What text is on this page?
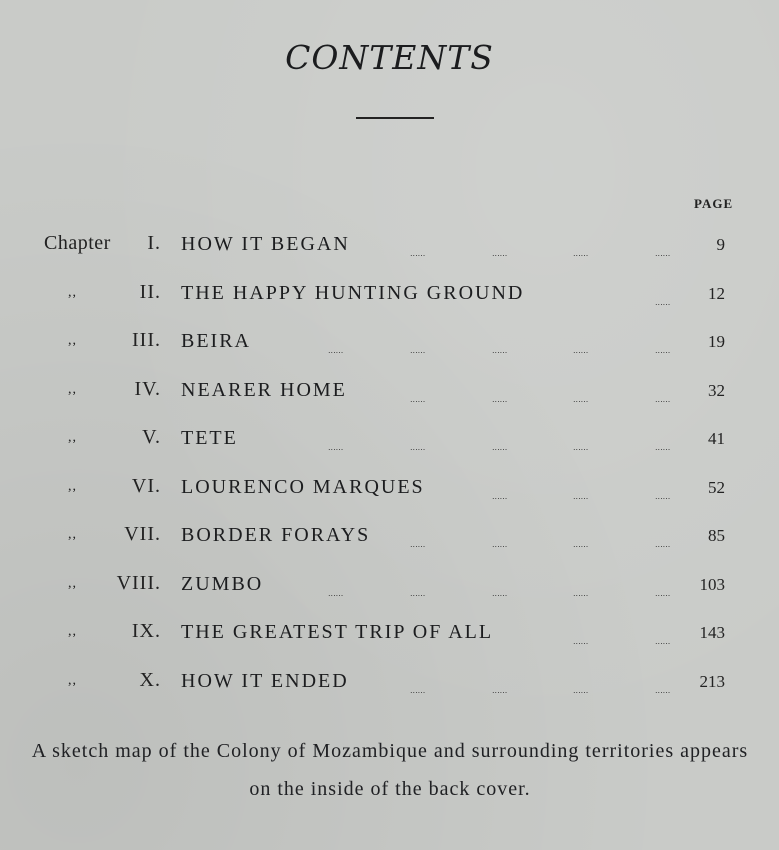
CONTENTS
PAGE
Chapter I. HOW IT BEGAN	......	......	......	......	9
,,	II. THE HAPPY HUNTING GROUND	...... 12
,,	III. BEIRA	......	......	......	......	...... 19
,,	IV. NEARER HOME	......	......	......	...... 32
,,	V. TETE	......	......	......	......	...... 41
,,	VI. LOURENCO MARQUES	......	......	...... 52
,, VII. BORDER FORAYS	......	......	......	...... 85
,, VIII. ZUMBO	......	......	......	......	...... 103
,,	IX. THE GREATEST TRIP OF ALL	......	...... 143
,,	X. HOW IT ENDED	......	......	......	...... 213
A sketch map of the Colony of Mozambique and surrounding territories appears on the inside of the back cover.
